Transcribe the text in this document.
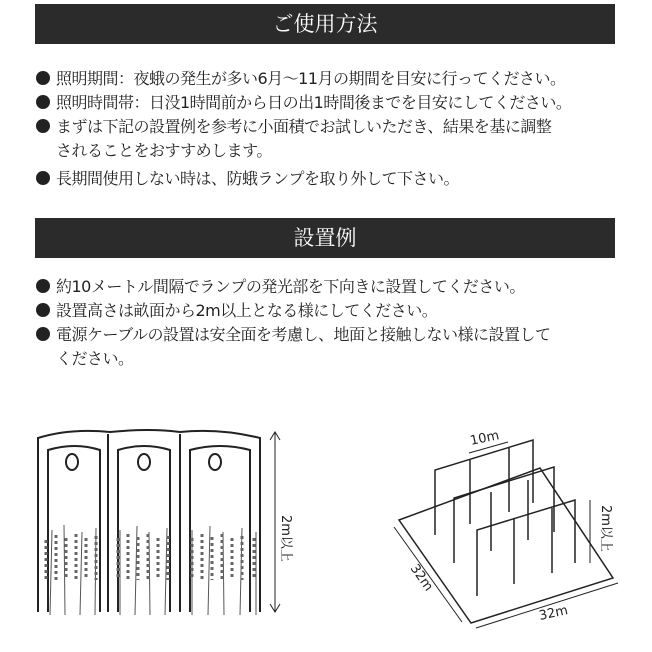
ご使用方法
照明期間：夜蛾の発生が多い6月～11月の期間を目安に行ってください。
照明時間帯：日没1時間前から日の出1時間後までを目安にしてください。
まずは下記の設置例を参考に小面積でお試しいただき、結果を基に調整
されることをおすすめします。
長期間使用しない時は、防蛾ランプを取り外して下さい。
設置例
約10メートル間隔でランプの発光部を下向きに設置してください。
設置高さは畝面から2m以上となる様にしてください。
電源ケーブルの設置は安全面を考慮し、地面と接触しない様に設置して
ください。
2m以上
10m
2m以上
32m
32m
